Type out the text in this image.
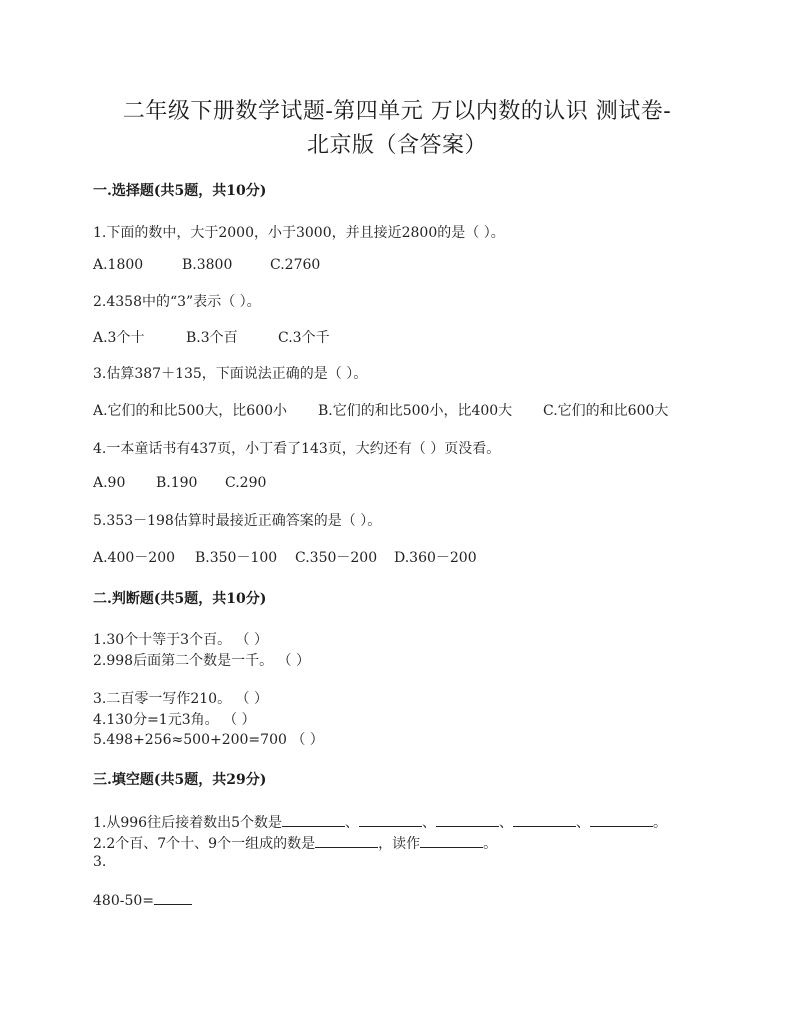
二年级下册数学试题-第四单元 万以内数的认识 测试卷-
北京版（含答案）
一.选择题(共5题，共10分)
1.下面的数中，大于2000，小于3000，并且接近2800的是（ ）。
A.1800	B.3800	C.2760
2.4358中的“3”表示（ ）。
A.3个十	B.3个百	C.3个千
3.估算387＋135，下面说法正确的是（ ）。
A.它们的和比500大，比600小 B.它们的和比500小，比400大 C.它们的和比600大
4.一本童话书有437页，小丁看了143页，大约还有（ ）页没看。
A.90 B.190 C.290
5.353－198估算时最接近正确答案的是（ ）。
A.400－200 B.350－100 C.350－200 D.360－200
二.判断题(共5题，共10分)
1.30个十等于3个百。 （ ）
2.998后面第二个数是一千。 （ ）
3.二百零一写作210。 （ ）
4.130分=1元3角。 （ ）
5.498+256≈500+200=700 （ ）
三.填空题(共5题，共29分)
1.从996往后接着数出5个数是	、	、	、	、	。
2.2个百、7个十、9个一组成的数是	，读作	。
3.
480-50=
